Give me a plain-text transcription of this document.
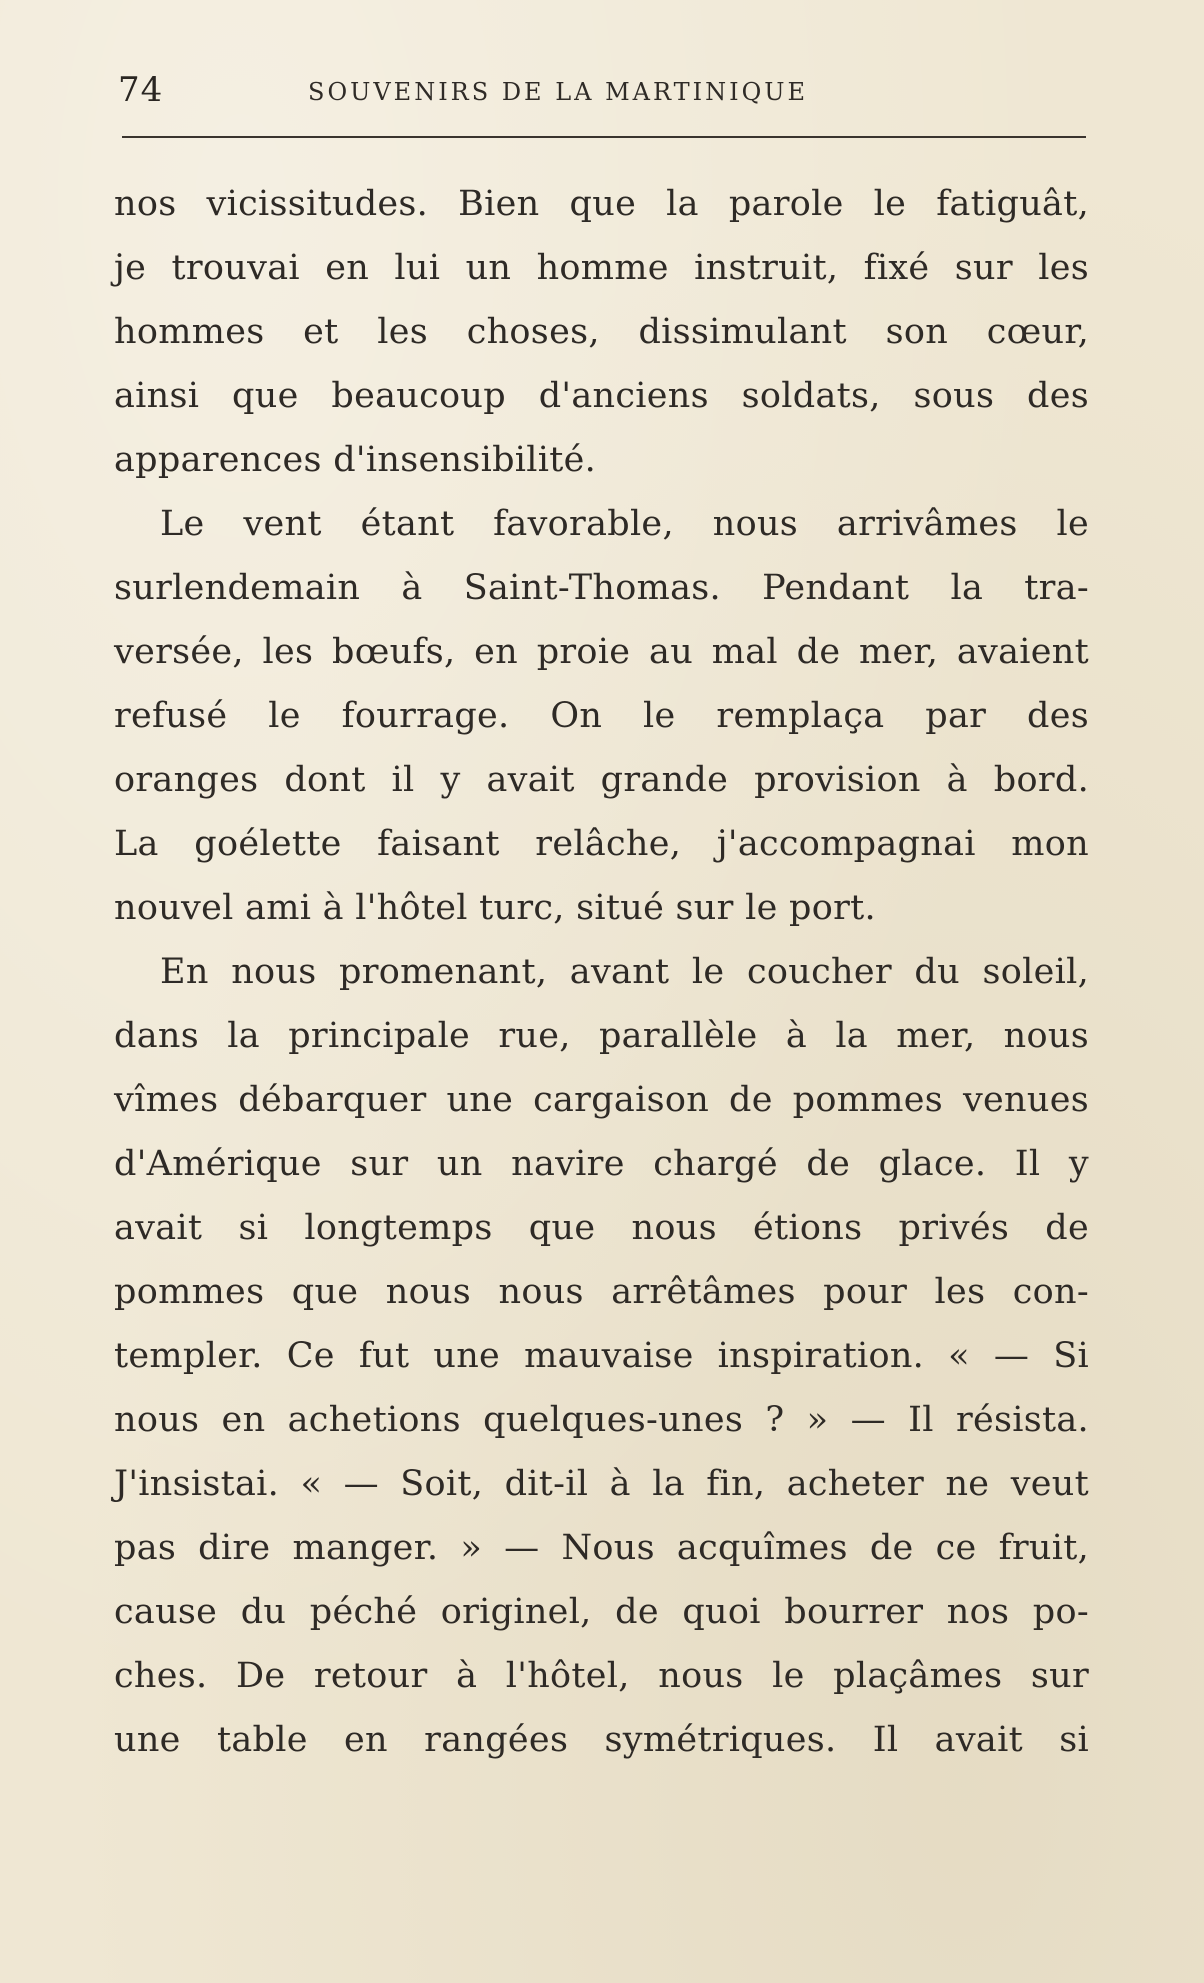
74	SOUVENIRS DE LA MARTINIQUE
nos vicissitudes. Bien que la parole le fatiguât,
je trouvai en lui un homme instruit, fixé sur les
hommes et les choses, dissimulant son cœur,
ainsi que beaucoup d'anciens soldats, sous des
apparences d'insensibilité.
Le vent étant favorable, nous arrivâmes le
surlendemain à Saint-Thomas. Pendant la tra-
versée, les bœufs, en proie au mal de mer, avaient
refusé le fourrage. On le remplaça par des
oranges dont il y avait grande provision à bord.
La goélette faisant relâche, j'accompagnai mon
nouvel ami à l'hôtel turc, situé sur le port.
En nous promenant, avant le coucher du soleil,
dans la principale rue, parallèle à la mer, nous
vîmes débarquer une cargaison de pommes venues
d'Amérique sur un navire chargé de glace. Il y
avait si longtemps que nous étions privés de
pommes que nous nous arrêtâmes pour les con-
templer. Ce fut une mauvaise inspiration. « — Si
nous en achetions quelques-unes ? » — Il résista.
J'insistai. « — Soit, dit-il à la fin, acheter ne veut
pas dire manger. » — Nous acquîmes de ce fruit,
cause du péché originel, de quoi bourrer nos po-
ches. De retour à l'hôtel, nous le plaçâmes sur
une table en rangées symétriques. Il avait si
